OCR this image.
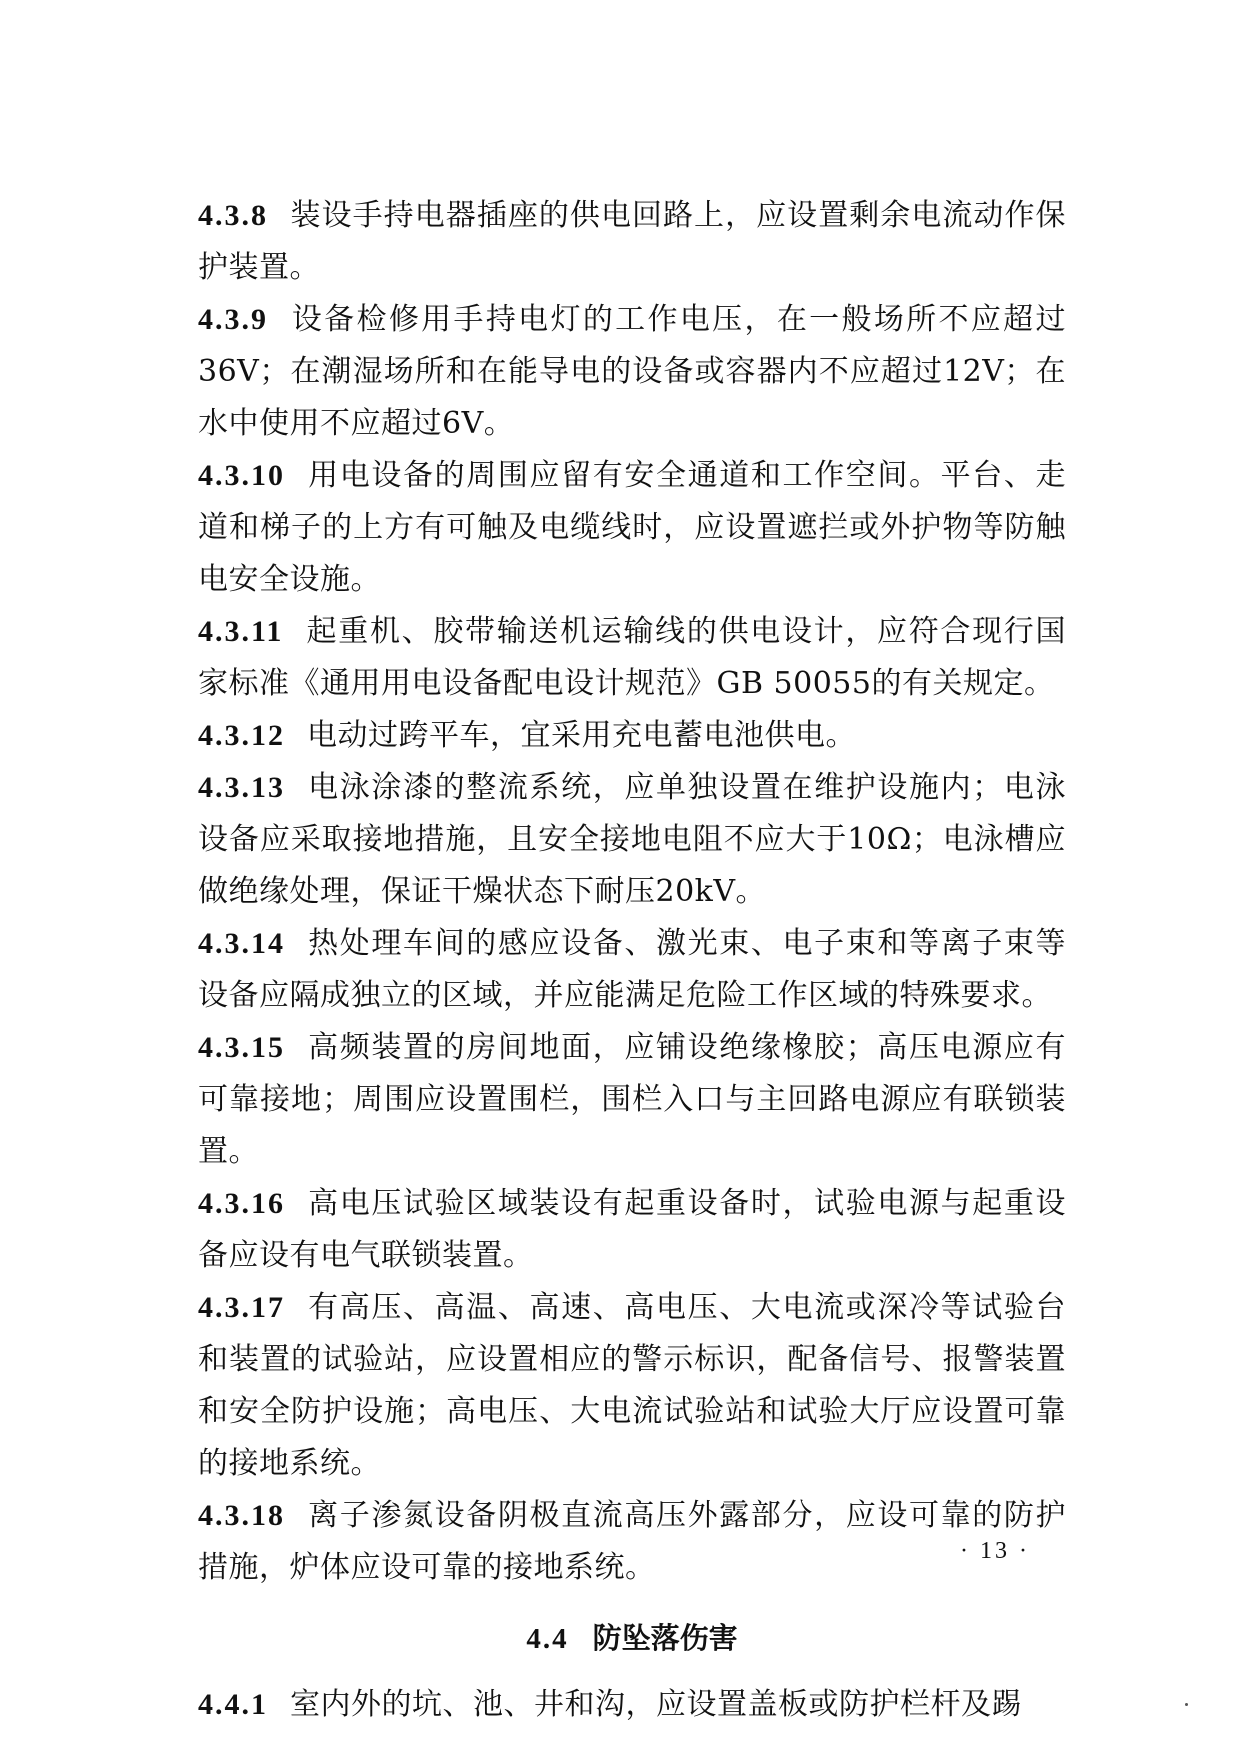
4.3.8 装设手持电器插座的供电回路上，应设置剩余电流动作保护装置。

4.3.9 设备检修用手持电灯的工作电压，在一般场所不应超过36V；在潮湿场所和在能导电的设备或容器内不应超过12V；在水中使用不应超过6V。

4.3.10 用电设备的周围应留有安全通道和工作空间。平台、走道和梯子的上方有可触及电缆线时，应设置遮拦或外护物等防触电安全设施。

4.3.11 起重机、胶带输送机运输线的供电设计，应符合现行国家标准《通用用电设备配电设计规范》GB 50055的有关规定。

4.3.12 电动过跨平车，宜采用充电蓄电池供电。

4.3.13 电泳涂漆的整流系统，应单独设置在维护设施内；电泳设备应采取接地措施，且安全接地电阻不应大于10Ω；电泳槽应做绝缘处理，保证干燥状态下耐压20kV。

4.3.14 热处理车间的感应设备、激光束、电子束和等离子束等设备应隔成独立的区域，并应能满足危险工作区域的特殊要求。

4.3.15 高频装置的房间地面，应铺设绝缘橡胶；高压电源应有可靠接地；周围应设置围栏，围栏入口与主回路电源应有联锁装置。

4.3.16 高电压试验区域装设有起重设备时，试验电源与起重设备应设有电气联锁装置。

4.3.17 有高压、高温、高速、高电压、大电流或深冷等试验台和装置的试验站，应设置相应的警示标识，配备信号、报警装置和安全防护设施；高电压、大电流试验站和试验大厅应设置可靠的接地系统。

4.3.18 离子渗氮设备阴极直流高压外露部分，应设可靠的防护措施，炉体应设可靠的接地系统。

4.4 防坠落伤害

4.4.1 室内外的坑、池、井和沟，应设置盖板或防护栏杆及踢

· 13 ·
